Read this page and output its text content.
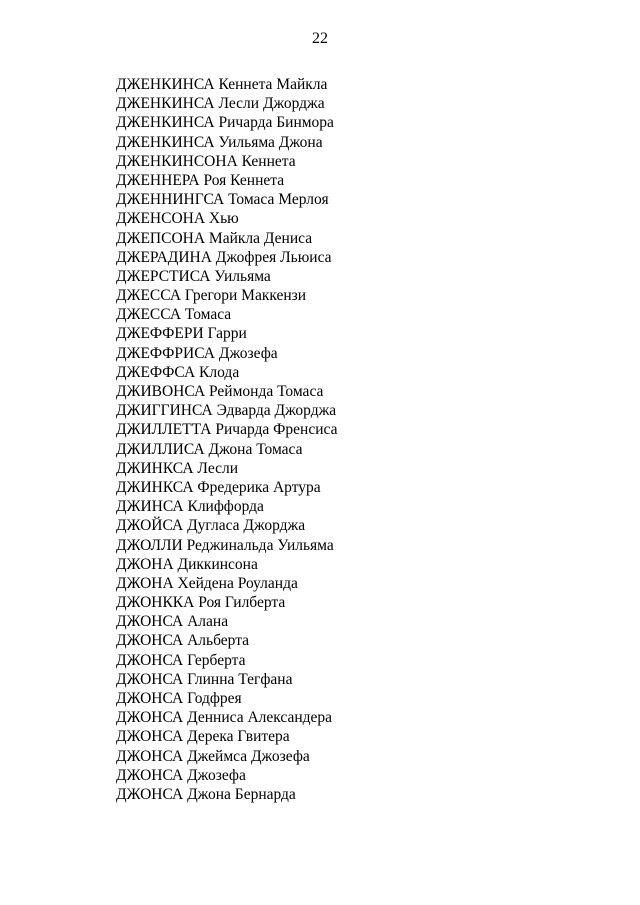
22
ДЖЕНКИНСА Кеннета Майкла
ДЖЕНКИНСА Лесли Джорджа
ДЖЕНКИНСА Ричарда Бинмора
ДЖЕНКИНСА Уильяма Джона
ДЖЕНКИНСОНА Кеннета
ДЖЕННЕРА Роя Кеннета
ДЖЕННИНГСА Томаса Мерлоя
ДЖЕНСОНА Хью
ДЖЕПСОНА Майкла Дениса
ДЖЕРАДИНА Джофрея Льюиса
ДЖЕРСТИСА Уильяма
ДЖЕССА Грегори Маккензи
ДЖЕССА Томаса
ДЖЕФФЕРИ Гарри
ДЖЕФФРИСА Джозефа
ДЖЕФФСА Клода
ДЖИВОНСА Реймонда Томаса
ДЖИГГИНСА Эдварда Джорджа
ДЖИЛЛЕТТА Ричарда Френсиса
ДЖИЛЛИСА Джона Томаса
ДЖИНКСА Лесли
ДЖИНКСА Фредерика Артура
ДЖИНСА Клиффорда
ДЖОЙСА Дугласа Джорджа
ДЖОЛЛИ Реджинальда Уильяма
ДЖОНА Диккинсона
ДЖОНА Хейдена Роуланда
ДЖОНККА Роя Гилберта
ДЖОНСА Алана
ДЖОНСА Альберта
ДЖОНСА Герберта
ДЖОНСА Глинна Тегфана
ДЖОНСА Годфрея
ДЖОНСА Денниса Александера
ДЖОНСА Дерека Гвитера
ДЖОНСА Джеймса Джозефа
ДЖОНСА Джозефа
ДЖОНСА Джона Бернарда
